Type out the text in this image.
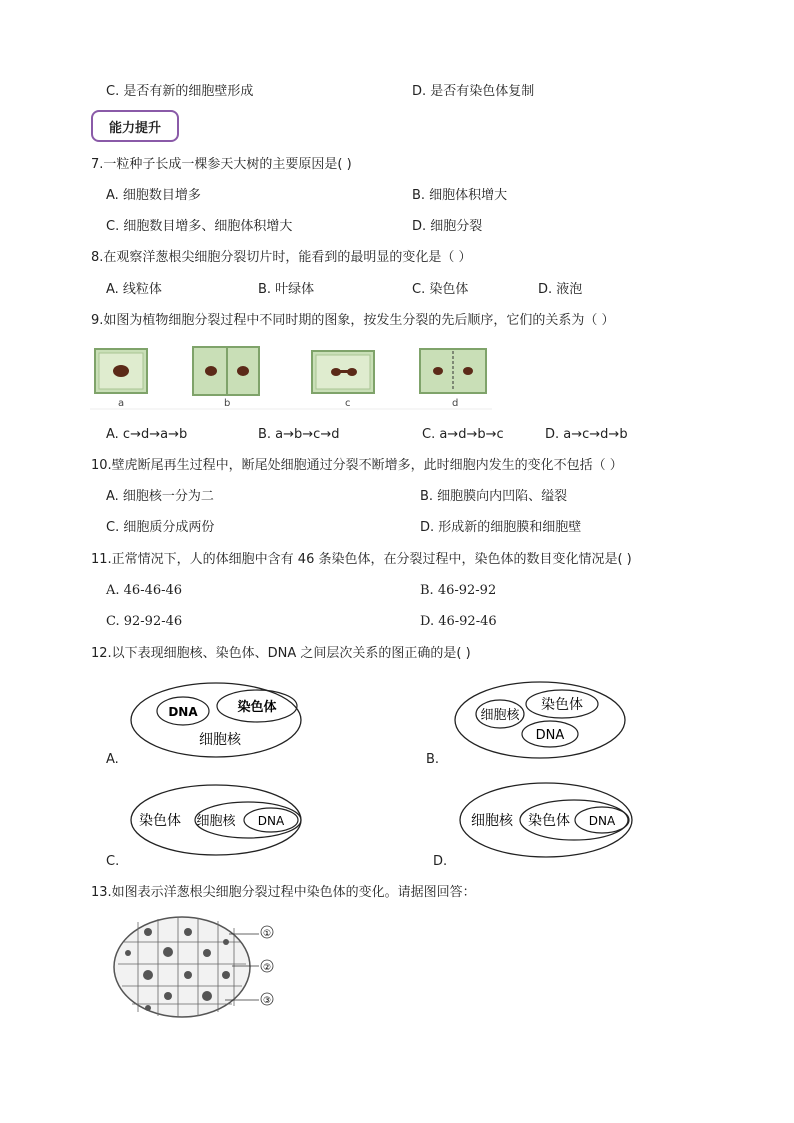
C. 是否有新的细胞壁形成	D. 是否有染色体复制
能力提升
7.一粒种子长成一棵参天大树的主要原因是( )
A. 细胞数目增多	B. 细胞体积增大
C. 细胞数目增多、细胞体积增大	D. 细胞分裂
8.在观察洋葱根尖细胞分裂切片时，能看到的最明显的变化是（ ）
A. 线粒体	B. 叶绿体	C. 染色体	D. 液泡
9.如图为植物细胞分裂过程中不同时期的图象，按发生分裂的先后顺序，它们的关系为（ ）
a	b	c	d
A. c→d→a→b	B. a→b→c→d	C. a→d→b→c	D. a→c→d→b
10.壁虎断尾再生过程中，断尾处细胞通过分裂不断增多，此时细胞内发生的变化不包括（ ）
A. 细胞核一分为二	B. 细胞膜向内凹陷、缢裂
C. 细胞质分成两份	D. 形成新的细胞膜和细胞壁
11.正常情况下，人的体细胞中含有 46 条染色体，在分裂过程中，染色体的数目变化情况是( )
A. 46-46-46	B. 46-92-92
C. 92-92-46	D. 46-92-46
12.以下表现细胞核、染色体、DNA 之间层次关系的图正确的是( )
DNA	染色体
细胞核
A.
细胞核
染色体
DNA
B.
染色体 细胞核 DNA
C.
细胞核 染色体 DNA
D.
13.如图表示洋葱根尖细胞分裂过程中染色体的变化。请据图回答：
①
②
③
